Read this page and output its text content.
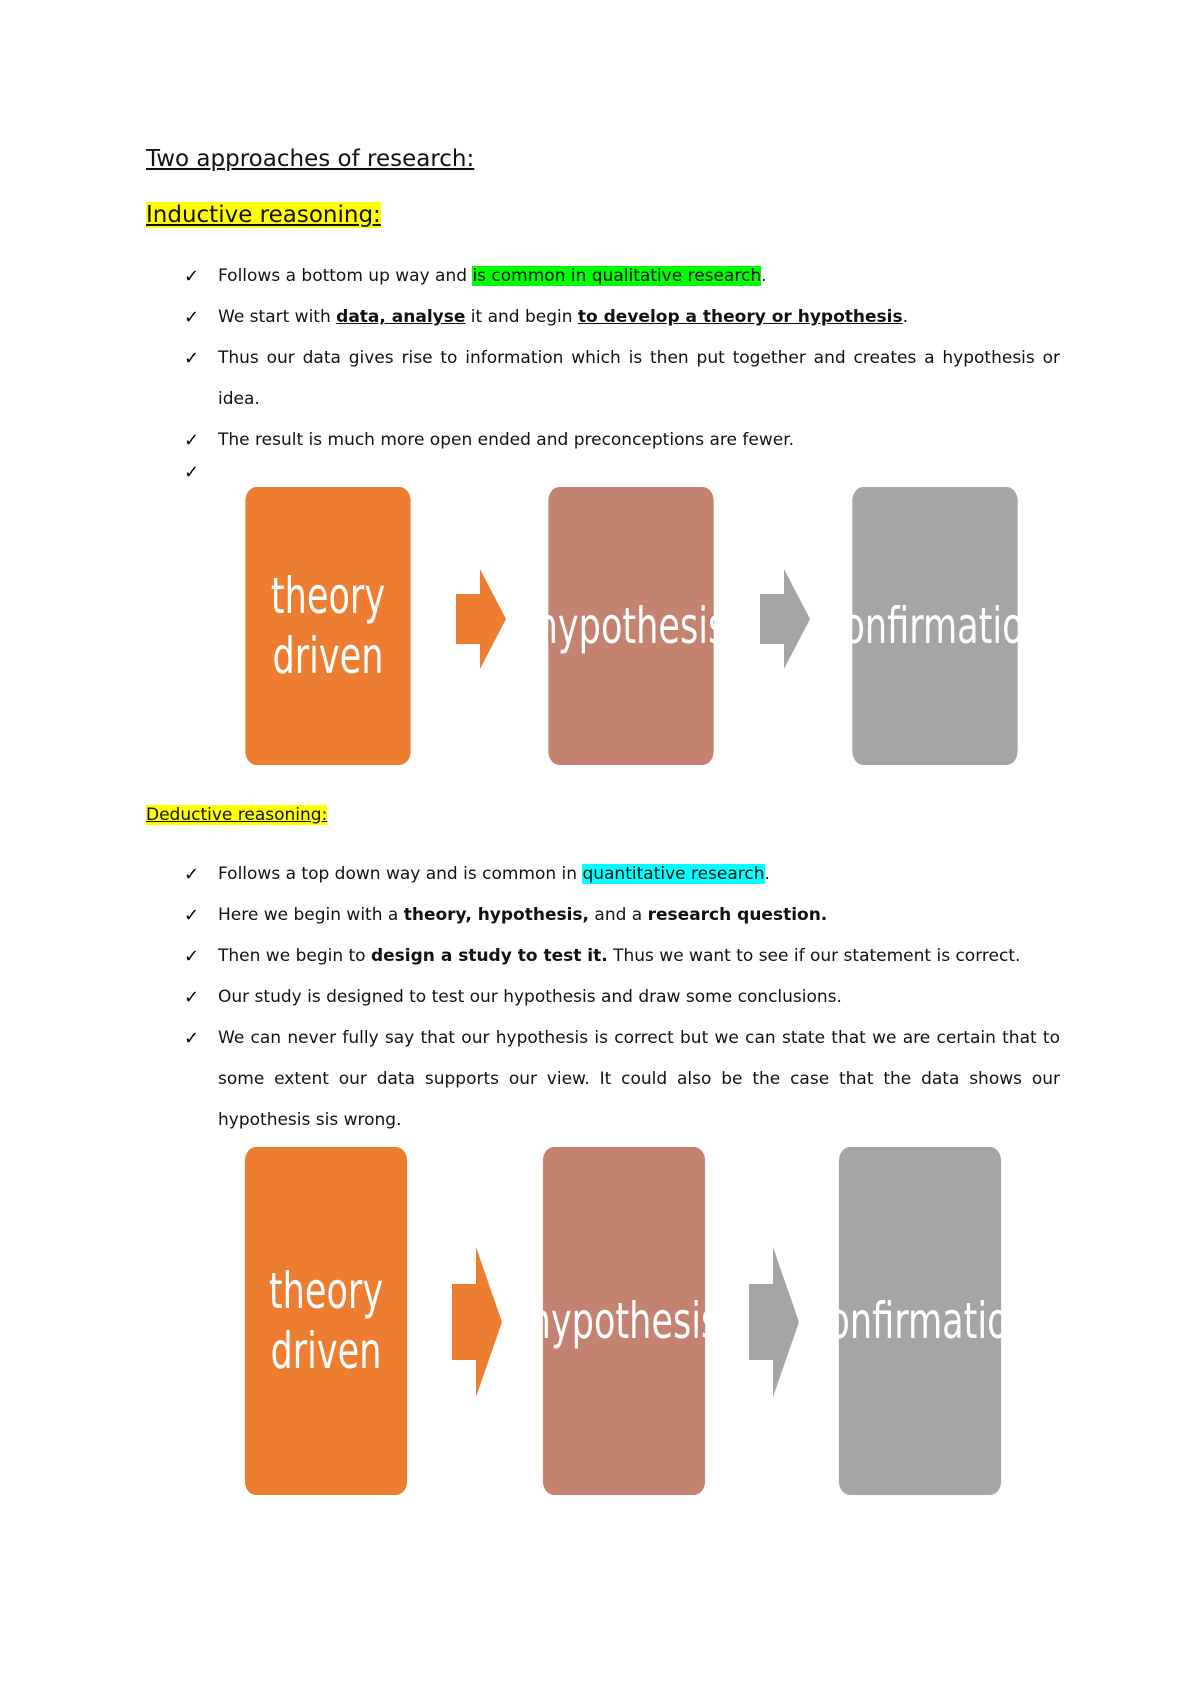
Two approaches of research:
Inductive reasoning:
✓ Follows a bottom up way and is common in qualitative research.
✓ We start with data, analyse it and begin to develop a theory or hypothesis.
✓ Thus our data gives rise to information which is then put together and creates a hypothesis or idea.
✓ The result is much more open ended and preconceptions are fewer.
✓
theory
driven
hypothesis confirmation
Deductive reasoning:
✓ Follows a top down way and is common in quantitative research.
✓ Here we begin with a theory, hypothesis, and a research question.
✓ Then we begin to design a study to test it. Thus we want to see if our statement is correct.
✓ Our study is designed to test our hypothesis and draw some conclusions.
✓ We can never fully say that our hypothesis is correct but we can state that we are certain that to some extent our data supports our view. It could also be the case that the data shows our hypothesis sis wrong.
theory
driven
hypothesis confirmation
